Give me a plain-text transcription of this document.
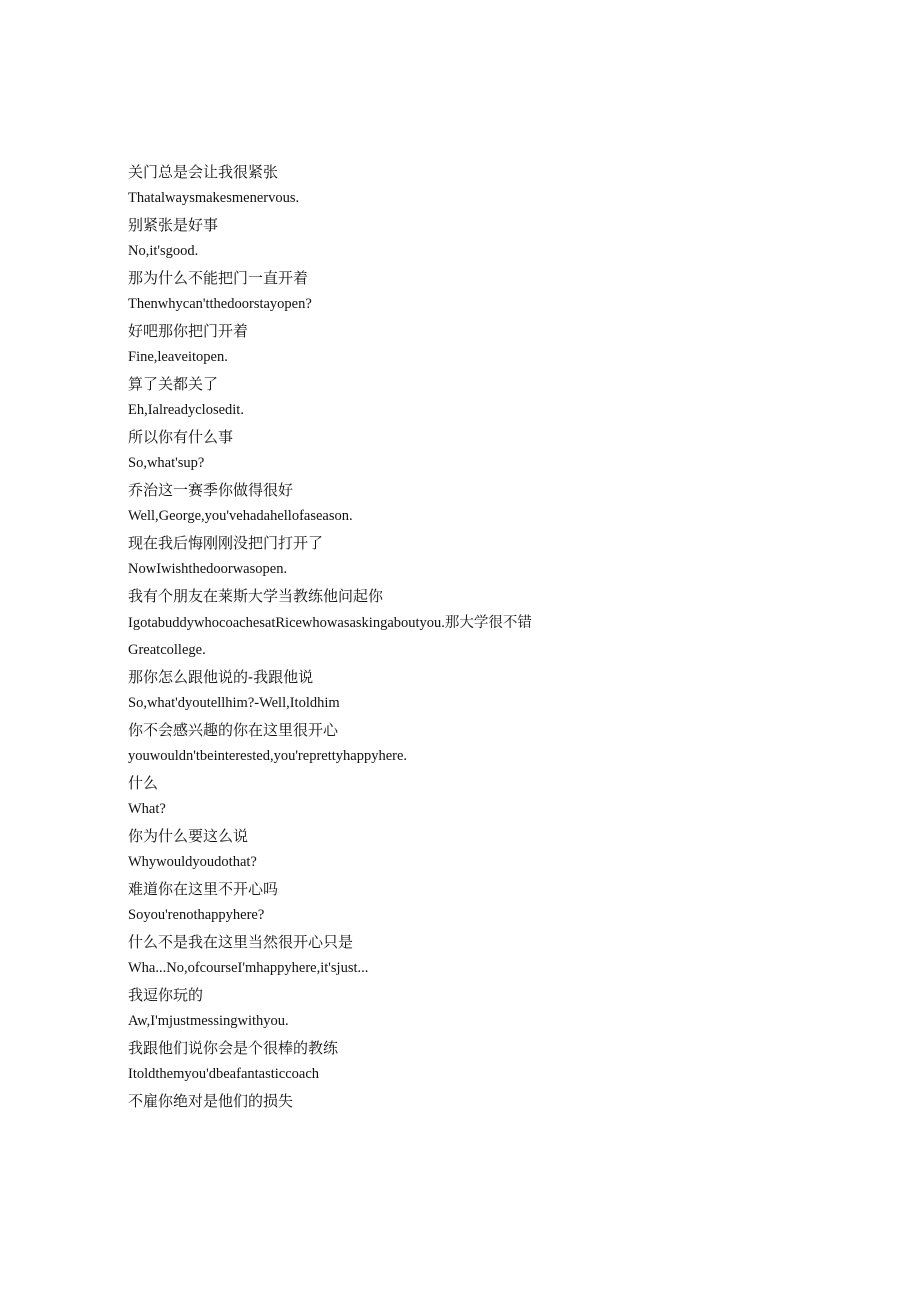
关门总是会让我很紧张

Thatalwaysmakesmenervous.

别紧张是好事

No,it'sgood.

那为什么不能把门一直开着

Thenwhycan'tthedoorstayopen?

好吧那你把门开着

Fine,leaveitopen.

算了关都关了

Eh,Ialreadyclosedit.

所以你有什么事

So,what'sup?

乔治这一赛季你做得很好

Well,George,you'vehadahellofaseason.

现在我后悔刚刚没把门打开了

NowIwishthedoorwasopen.

我有个朋友在莱斯大学当教练他问起你

IgotabuddywhocoachesatRicewhowasaskingaboutyou.那大学很不错

Greatcollege.

那你怎么跟他说的-我跟他说

So,what'dyoutellhim?-Well,Itoldhim

你不会感兴趣的你在这里很开心

youwouldn'tbeinterested,you'reprettyhappyhere.

什么

What?

你为什么要这么说

Whywouldyoudothat?

难道你在这里不开心吗

Soyou'renothappyhere?

什么不是我在这里当然很开心只是

Wha...No,ofcourseI'mhappyhere,it'sjust...

我逗你玩的

Aw,I'mjustmessingwithyou.

我跟他们说你会是个很棒的教练

Itoldthemyou'dbeafantasticcoach

不雇你绝对是他们的损失
